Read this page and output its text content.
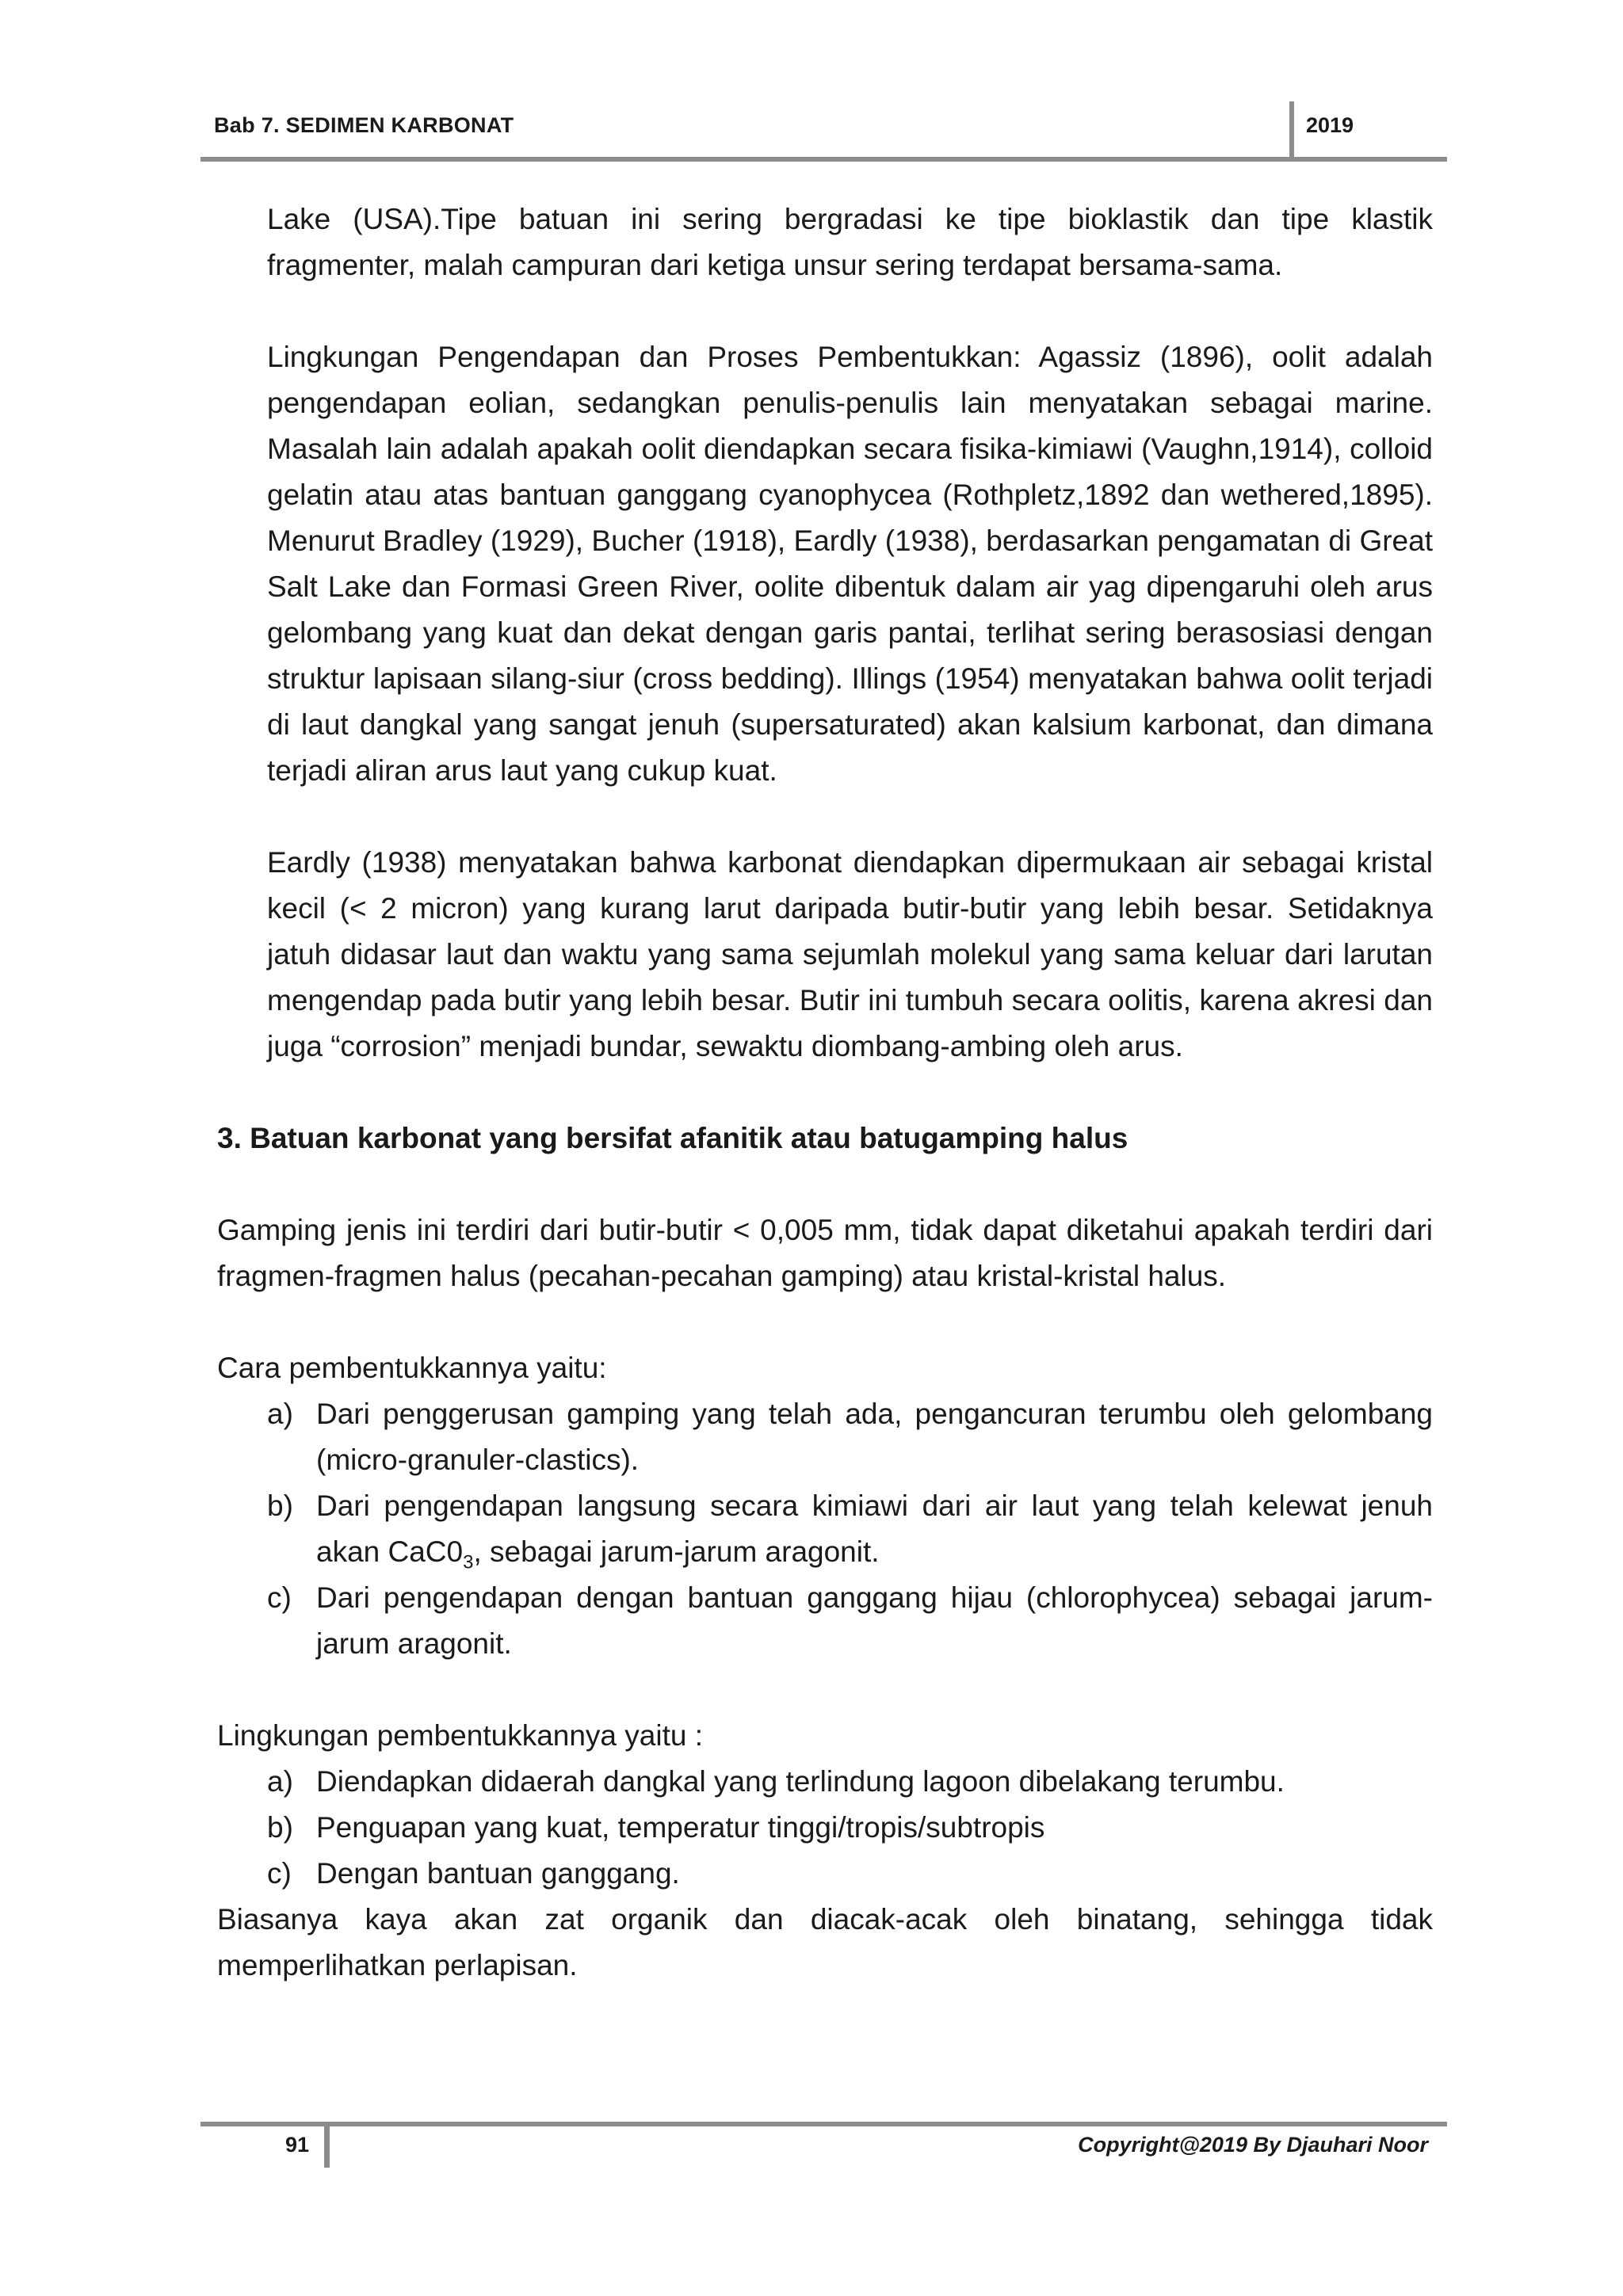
Bab 7. SEDIMEN KARBONAT	2019
Lake (USA).Tipe batuan ini sering bergradasi ke tipe bioklastik dan tipe klastik fragmenter, malah campuran dari ketiga unsur sering terdapat bersama-sama.
Lingkungan Pengendapan dan Proses Pembentukkan: Agassiz (1896), oolit adalah pengendapan eolian, sedangkan penulis-penulis lain menyatakan sebagai marine. Masalah lain adalah apakah oolit diendapkan secara fisika-kimiawi (Vaughn,1914), colloid gelatin atau atas bantuan ganggang cyanophycea (Rothpletz,1892 dan wethered,1895). Menurut Bradley (1929), Bucher (1918), Eardly (1938), berdasarkan pengamatan di Great Salt Lake dan Formasi Green River, oolite dibentuk dalam air yag dipengaruhi oleh arus gelombang yang kuat dan dekat dengan garis pantai, terlihat sering berasosiasi dengan struktur lapisaan silang-siur (cross bedding). Illings (1954) menyatakan bahwa oolit terjadi di laut dangkal yang sangat jenuh (supersaturated) akan kalsium karbonat, dan dimana terjadi aliran arus laut yang cukup kuat.
Eardly (1938) menyatakan bahwa karbonat diendapkan dipermukaan air sebagai kristal kecil (< 2 micron) yang kurang larut daripada butir-butir yang lebih besar. Setidaknya jatuh didasar laut dan waktu yang sama sejumlah molekul yang sama keluar dari larutan mengendap pada butir yang lebih besar. Butir ini tumbuh secara oolitis, karena akresi dan juga “corrosion” menjadi bundar, sewaktu diombang-ambing oleh arus.
3. Batuan karbonat yang bersifat afanitik atau batugamping halus
Gamping jenis ini terdiri dari butir-butir < 0,005 mm, tidak dapat diketahui apakah terdiri dari fragmen-fragmen halus (pecahan-pecahan gamping) atau kristal-kristal halus.
Cara pembentukkannya yaitu:
a) Dari penggerusan gamping yang telah ada, pengancuran terumbu oleh gelombang (micro-granuler-clastics).
b) Dari pengendapan langsung secara kimiawi dari air laut yang telah kelewat jenuh akan $CaC0_3$, sebagai jarum-jarum aragonit.
c) Dari pengendapan dengan bantuan ganggang hijau (chlorophycea) sebagai jarum-jarum aragonit.
Lingkungan pembentukkannya yaitu :
a) Diendapkan didaerah dangkal yang terlindung lagoon dibelakang terumbu.
b) Penguapan yang kuat, temperatur tinggi/tropis/subtropis
c) Dengan bantuan ganggang.
Biasanya kaya akan zat organik dan diacak-acak oleh binatang, sehingga tidak memperlihatkan perlapisan.
91	Copyright@2019 By Djauhari Noor
